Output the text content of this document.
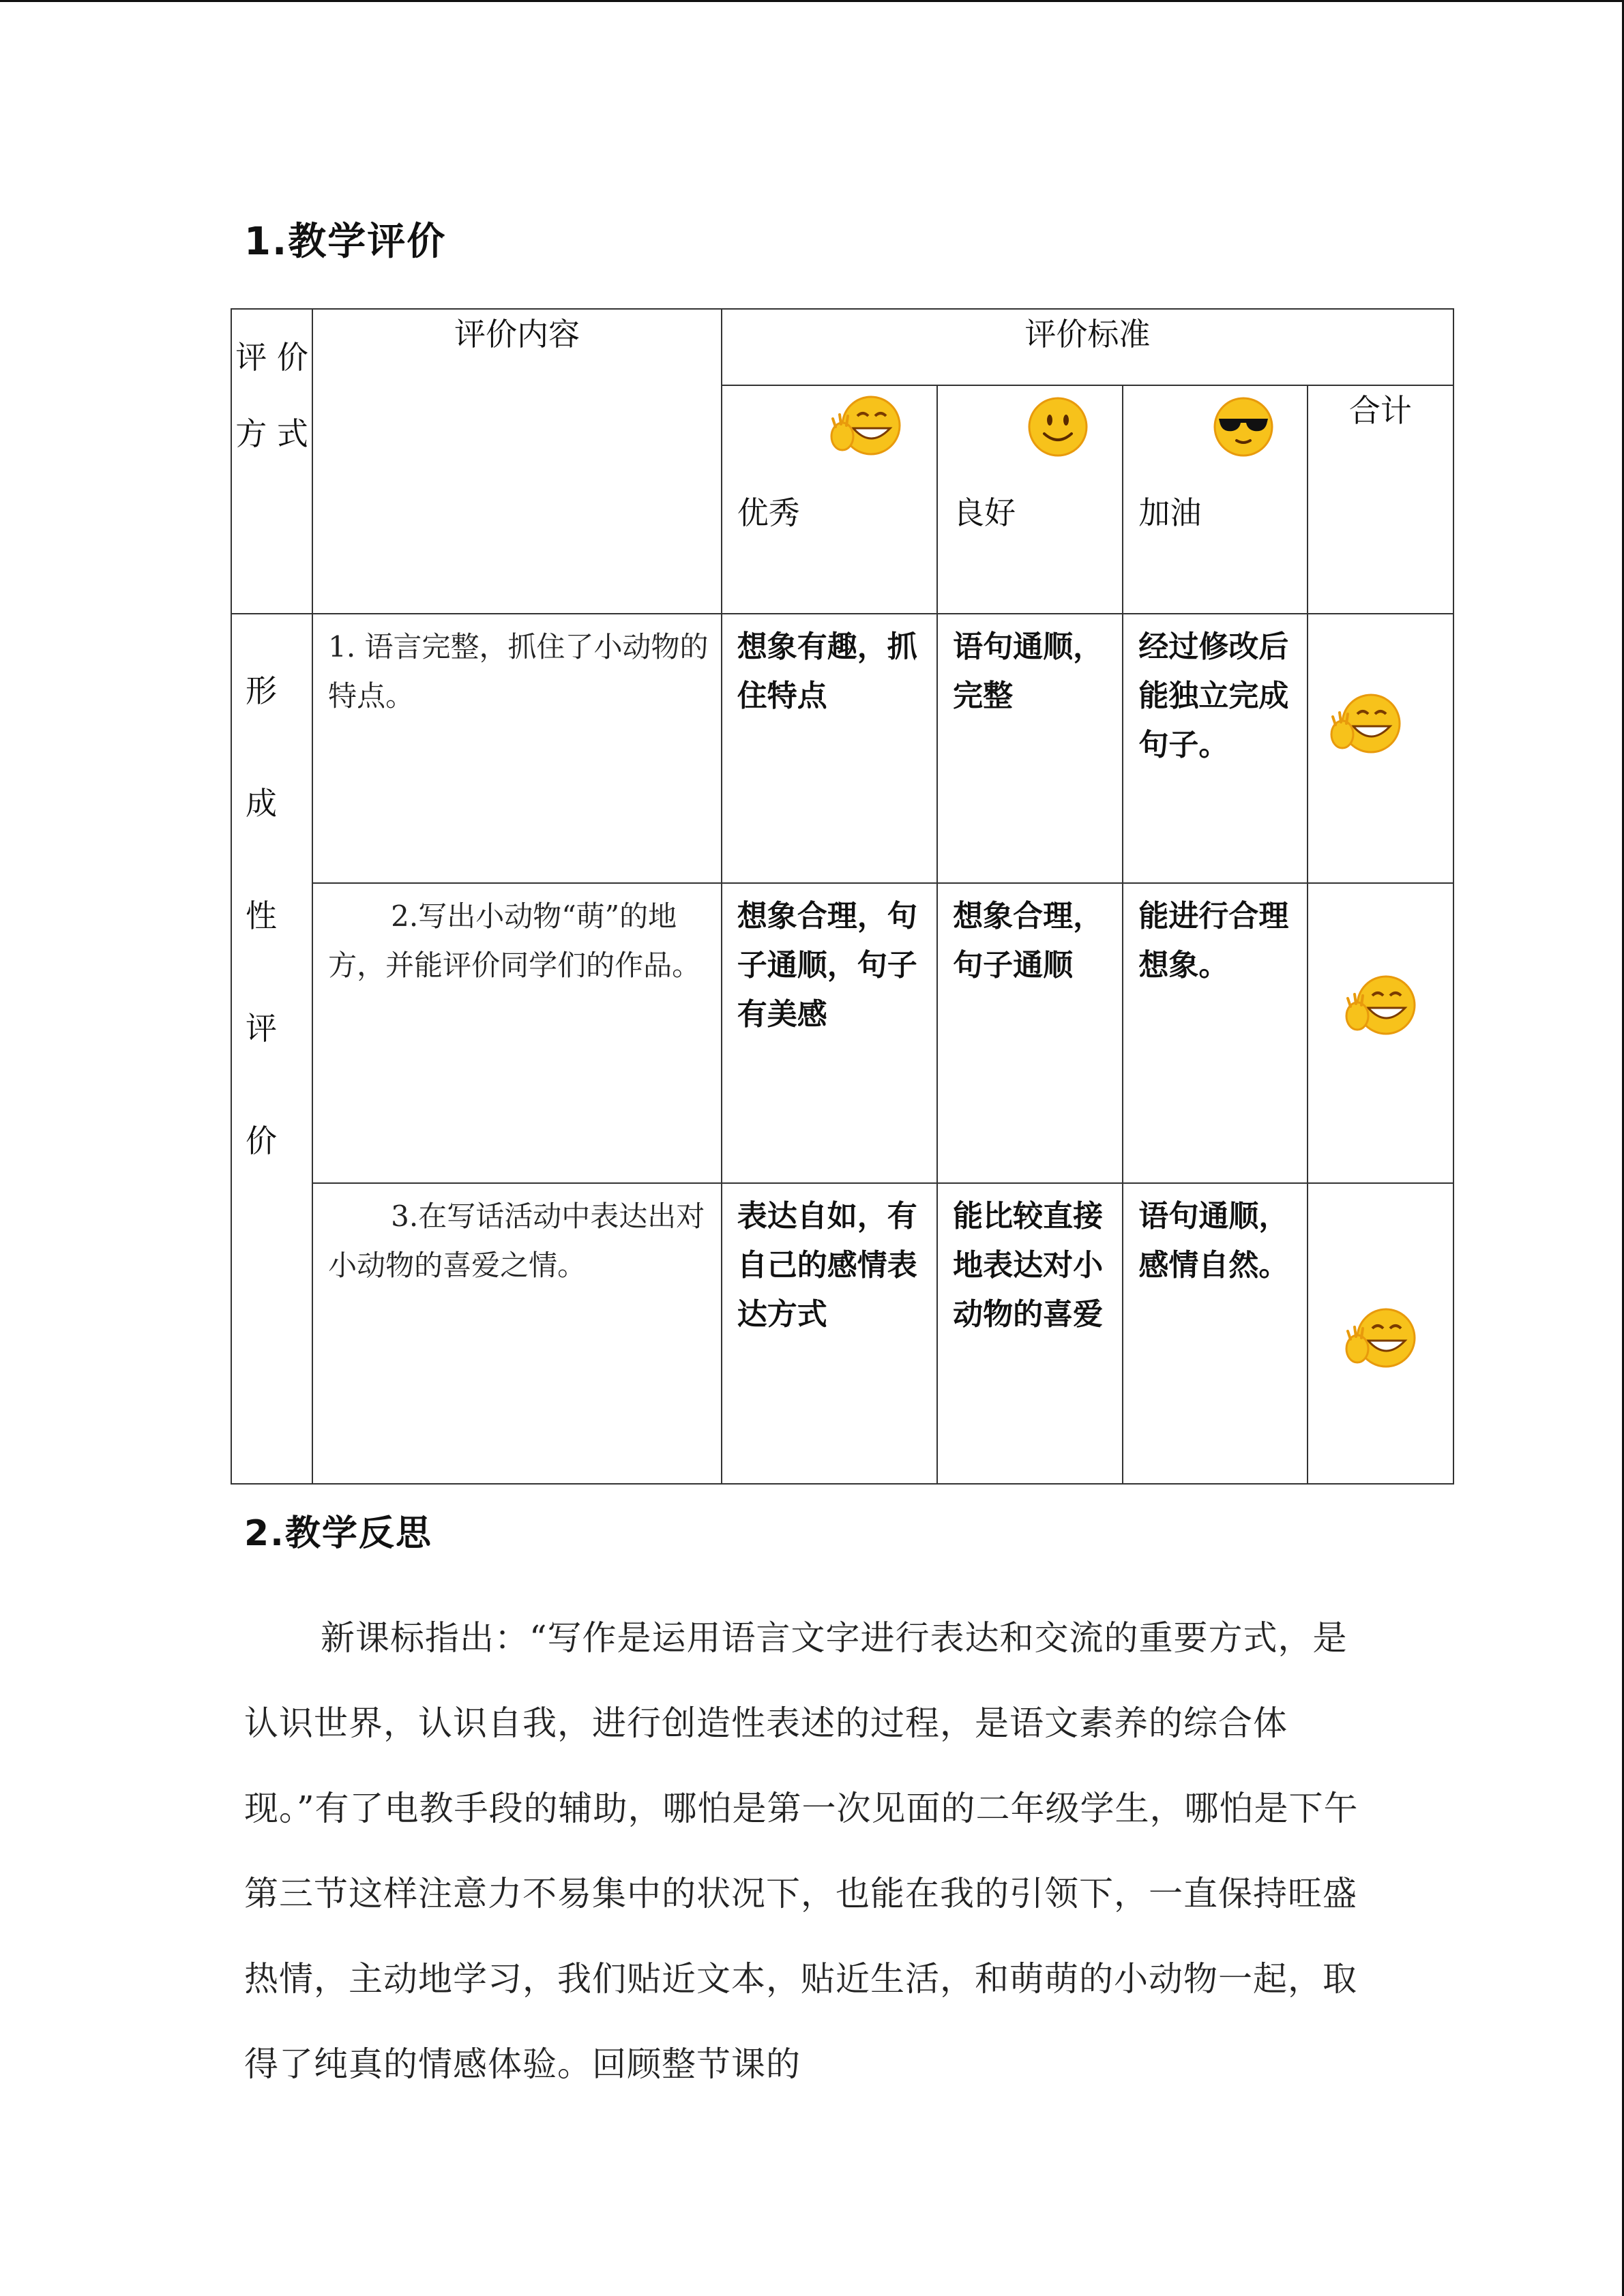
1.教学评价
评 价 方 式	评价内容	评价标准			

		优秀	良好	加油	合计

形 成 性 评 价	1. 语言完整，抓住了小动物的特点。	想象有趣，抓住特点	语句通顺，完整	经过修改后能独立完成句子。

	2.写出小动物“萌”的地方，并能评价同学们的作品。	想象合理，句子通顺，句子有美感	想象合理，句子通顺	能进行合理想象。

	3.在写话活动中表达出对小动物的喜爱之情。	表达自如，有自己的感情表达方式	能比较直接地表达对小动物的喜爱	语句通顺，感情自然。

2.教学反思
新课标指出：“写作是运用语言文字进行表达和交流的重要方式，是认识世界，认识自我，进行创造性表述的过程，是语文素养的综合体现。”有了电教手段的辅助，哪怕是第一次见面的二年级学生，哪怕是下午第三节这样注意力不易集中的状况下，也能在我的引领下，一直保持旺盛热情，主动地学习，我们贴近文本，贴近生活，和萌萌的小动物一起，取得了纯真的情感体验。回顾整节课的
